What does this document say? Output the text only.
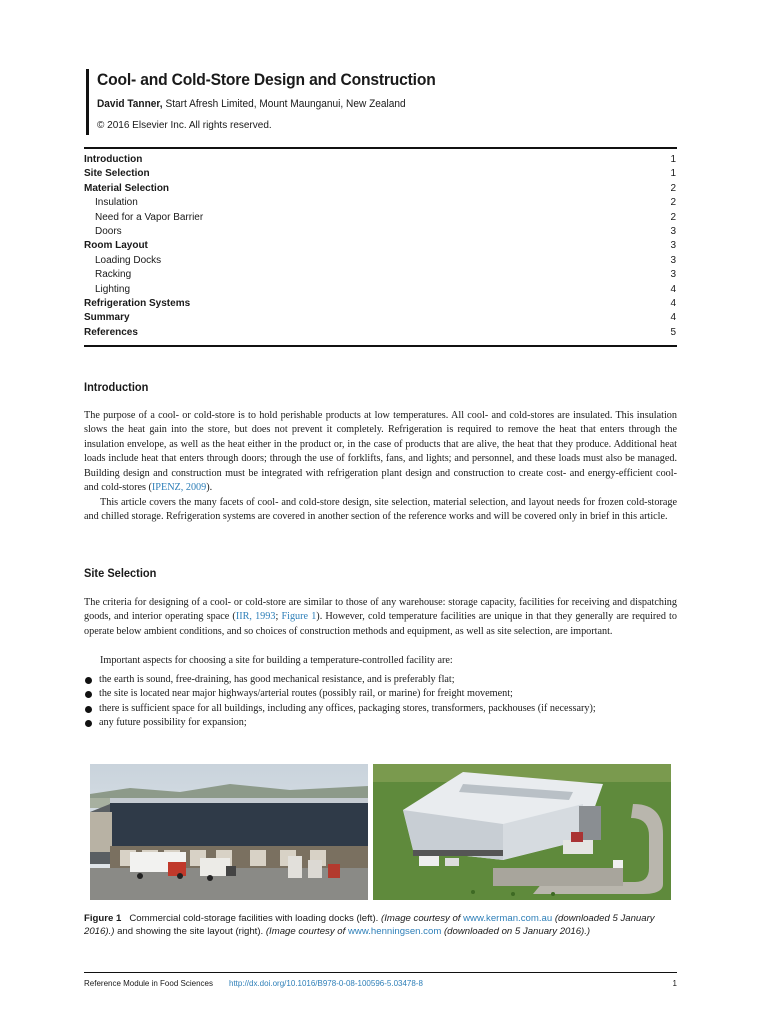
Cool- and Cold-Store Design and Construction
David Tanner, Start Afresh Limited, Mount Maunganui, New Zealand
© 2016 Elsevier Inc. All rights reserved.
Introduction	1
Site Selection	1
Material Selection	2
Insulation	2
Need for a Vapor Barrier	2
Doors	3
Room Layout	3
Loading Docks	3
Racking	3
Lighting	4
Refrigeration Systems	4
Summary	4
References	5
Introduction

The purpose of a cool- or cold-store is to hold perishable products at low temperatures. All cool- and cold-stores are insulated. This insulation slows the heat gain into the store, but does not prevent it completely. Refrigeration is required to remove the heat that enters through the insulation envelope, as well as the heat either in the product or, in the case of products that are alive, the heat that they produce. Additional heat loads include heat that enters through doors; through the use of forklifts, fans, and lights; and personnel, and these loads must also be managed. Building design and construction must be integrated with refrigeration plant design and construction to create cost- and energy-efficient cool- and cold-stores (IPENZ, 2009).

This article covers the many facets of cool- and cold-store design, site selection, material selection, and layout needs for frozen cold-storage and chilled storage. Refrigeration systems are covered in another section of the reference works and will be covered only in brief in this article.

Site Selection

The criteria for designing of a cool- or cold-store are similar to those of any warehouse: storage capacity, facilities for receiving and dispatching goods, and interior operating space (IIR, 1993; Figure 1). However, cold temperature facilities are unique in that they generally are required to operate below ambient conditions, and so choices of construction methods and equipment, as well as site selection, are important.

Important aspects for choosing a site for building a temperature-controlled facility are:

the earth is sound, free-draining, has good mechanical resistance, and is preferably flat;
the site is located near major highways/arterial routes (possibly rail, or marine) for freight movement;
there is sufficient space for all buildings, including any offices, packaging stores, transformers, packhouses (if necessary);
any future possibility for expansion;

Figure 1 Commercial cold-storage facilities with loading docks (left). (Image courtesy of www.kerman.com.au (downloaded 5 January 2016).) and showing the site layout (right). (Image courtesy of www.henningsen.com (downloaded on 5 January 2016).)

Reference Module in Food Sciences	http://dx.doi.org/10.1016/B978-0-08-100596-5.03478-8	1
